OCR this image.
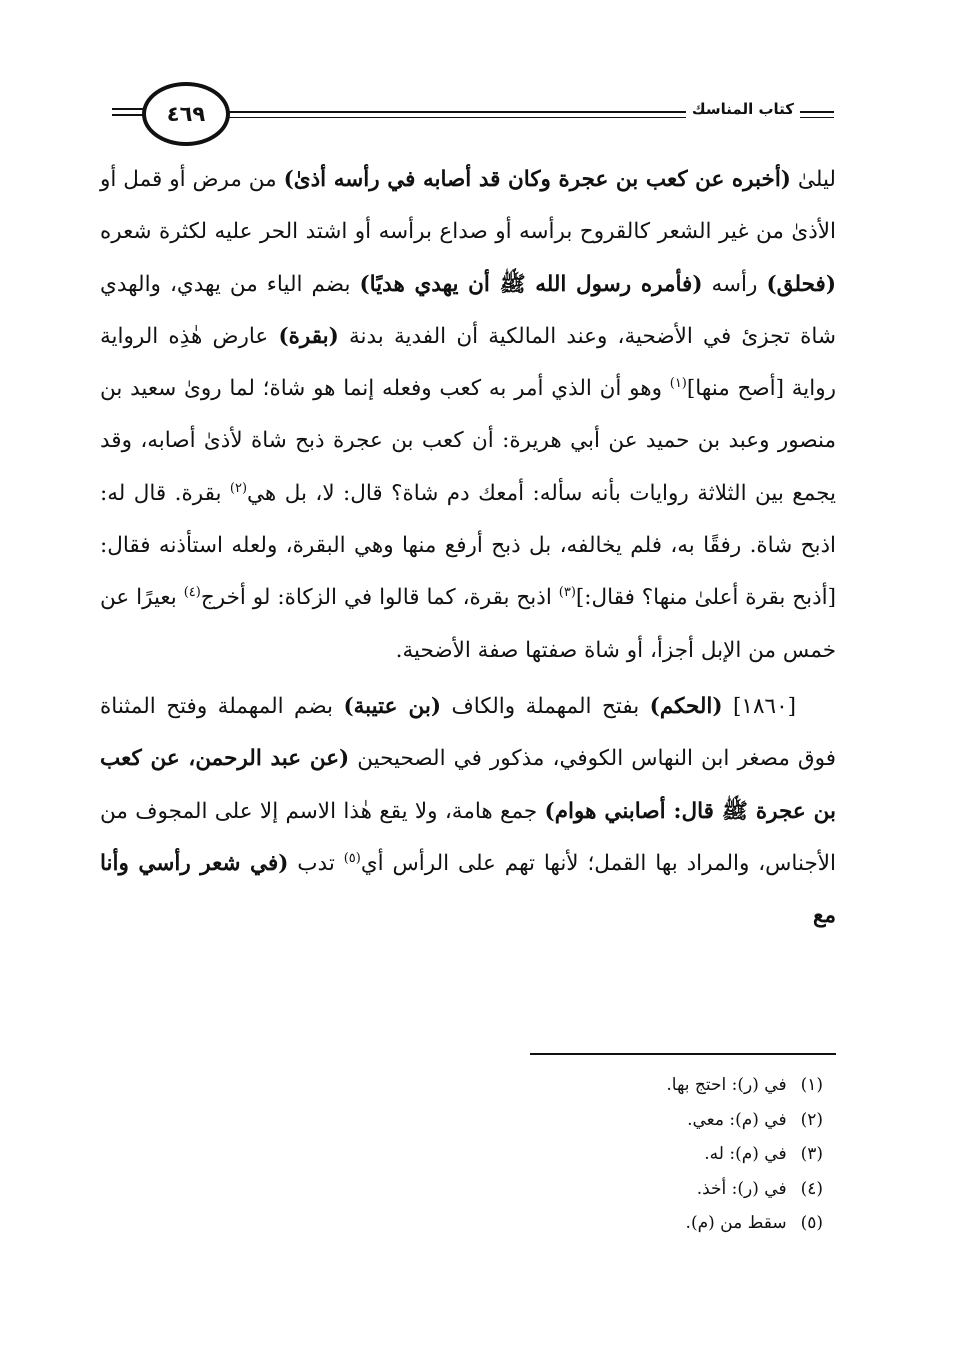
٤٦٩	كتاب المناسك

ليلىٰ (أخبره عن كعب بن عجرة وكان قد أصابه في رأسه أذىٰ) من مرض أو قمل أو الأذىٰ من غير الشعر كالقروح برأسه أو صداع برأسه أو اشتد الحر عليه لكثرة شعره (فحلق) رأسه (فأمره رسول الله ﷺ أن يهدي هديًا) بضم الياء من يهدي، والهدي شاة تجزئ في الأضحية، وعند المالكية أن الفدية بدنة (بقرة) عارض هٰذِه الرواية رواية [أصح منها]$^{(١)}$ وهو أن الذي أمر به كعب وفعله إنما هو شاة؛ لما روىٰ سعيد بن منصور وعبد بن حميد عن أبي هريرة: أن كعب بن عجرة ذبح شاة لأذىٰ أصابه، وقد يجمع بين الثلاثة روايات بأنه سأله: أمعك دم شاة؟ قال: لا، بل هي$^{(٢)}$ بقرة. قال له: اذبح شاة. رفقًا به، فلم يخالفه، بل ذبح أرفع منها وهي البقرة، ولعله استأذنه فقال: [أذبح بقرة أعلىٰ منها؟ فقال:]$^{(٣)}$ اذبح بقرة، كما قالوا في الزكاة: لو أخرج$^{(٤)}$ بعيرًا عن خمس من الإبل أجزأ، أو شاة صفتها صفة الأضحية.

[١٨٦٠] (الحكم) بفتح المهملة والكاف (بن عتيبة) بضم المهملة وفتح المثناة فوق مصغر ابن النهاس الكوفي، مذكور في الصحيحين (عن عبد الرحمن، عن كعب بن عجرة ﷺ قال: أصابني هوام) جمع هامة، ولا يقع هٰذا الاسم إلا على المجوف من الأجناس، والمراد بها القمل؛ لأنها تهم على الرأس أي$^{(٥)}$ تدب (في شعر رأسي وأنا مع

(١)في (ر): احتج بها.
(٢)في (م): معي.
(٣)في (م): له.
(٤)في (ر): أخذ.
(٥)سقط من (م).
